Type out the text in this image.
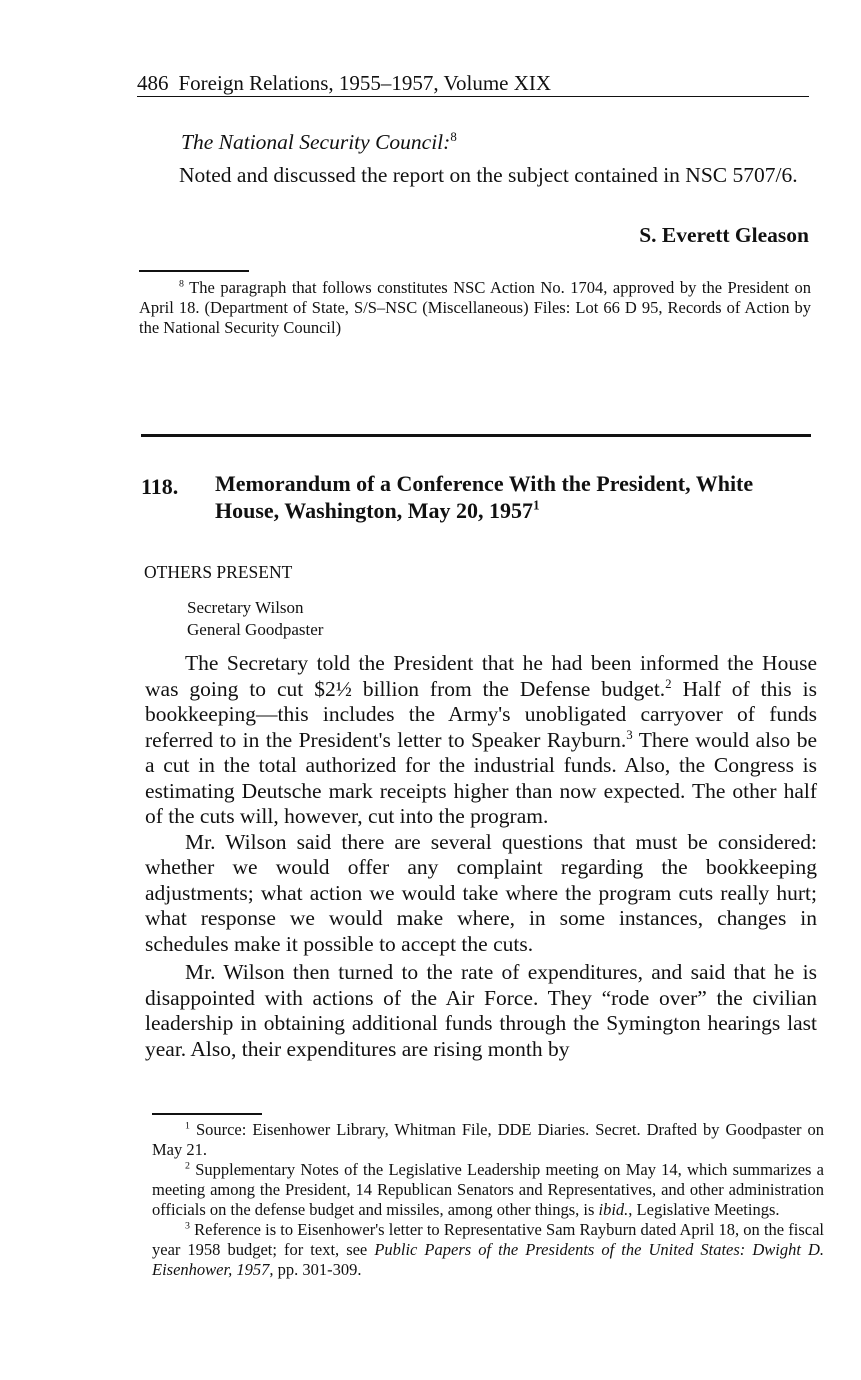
486 Foreign Relations, 1955–1957, Volume XIX
The National Security Council:$^8$

Noted and discussed the report on the subject contained in NSC 5707/6.

S. Everett Gleason

$^8$ The paragraph that follows constitutes NSC Action No. 1704, approved by the President on April 18. (Department of State, S/S–NSC (Miscellaneous) Files: Lot 66 D 95, Records of Action by the National Security Council)

118. Memorandum of a Conference With the President, White House, Washington, May 20, 1957$^1$
OTHERS PRESENT
Secretary Wilson
General Goodpaster

The Secretary told the President that he had been informed the House was going to cut $2½ billion from the Defense budget.$^2$ Half of this is bookkeeping—this includes the Army's unobligated carryover of funds referred to in the President's letter to Speaker Rayburn.$^3$ There would also be a cut in the total authorized for the industrial funds. Also, the Congress is estimating Deutsche mark receipts higher than now expected. The other half of the cuts will, however, cut into the program.

Mr. Wilson said there are several questions that must be considered: whether we would offer any complaint regarding the bookkeeping adjustments; what action we would take where the program cuts really hurt; what response we would make where, in some instances, changes in schedules make it possible to accept the cuts.

Mr. Wilson then turned to the rate of expenditures, and said that he is disappointed with actions of the Air Force. They “rode over” the civilian leadership in obtaining additional funds through the Symington hearings last year. Also, their expenditures are rising month by

$^1$ Source: Eisenhower Library, Whitman File, DDE Diaries. Secret. Drafted by Goodpaster on May 21.

$^2$ Supplementary Notes of the Legislative Leadership meeting on May 14, which summarizes a meeting among the President, 14 Republican Senators and Representatives, and other administration officials on the defense budget and missiles, among other things, is ibid., Legislative Meetings.

$^3$ Reference is to Eisenhower's letter to Representative Sam Rayburn dated April 18, on the fiscal year 1958 budget; for text, see Public Papers of the Presidents of the United States: Dwight D. Eisenhower, 1957, pp. 301-309.
